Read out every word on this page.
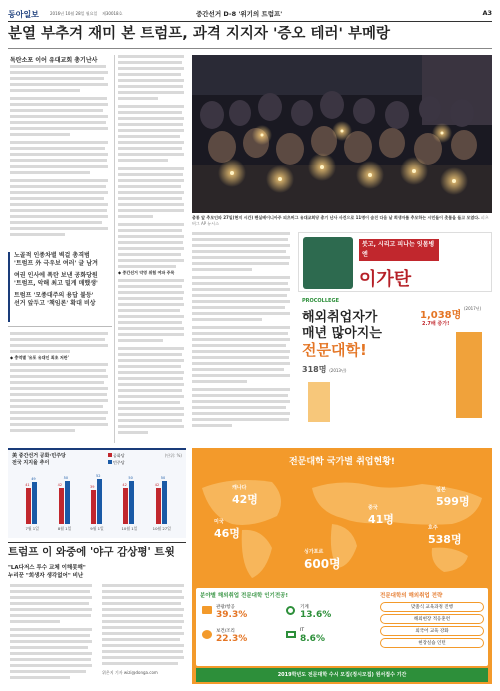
동아일보	2016년 10월 28일 월요일 제30018호	중간선거 D-8 '위기의 트럼프'	A3
분열 부추겨 재미 본 트럼프, 과격 지지자 '증오 테러' 부메랑
독탄소포 이어 유대교회 총기난사
노골적 인종차별 벽걸 총격범
'트럼프 外 극우보 여러' 글 남겨
여권 인사에 폭탄 보낸 공화당원
'트럼프, 악해 최고 밀게 매했생'
트럼프 '모종대주의 용답 불등'
선거 앞두고 '책임론' 확대 비상
◆ 충역별 '유포 유대인 최초 저란'
◆ 중간선거 악영 위험 여파 주목
총통 앞 추모인파 27일(현지 시간) 펜실베이니아주 피츠버그 유대교회당 총기 난사 사건으로 11명이 숨진 다음 날 희생자를 추모하는 시민들이 촛불을 들고 모였다. 피츠버그 AP 뉴시스
붓고, 시리고 피나는 잇몸병엔
이가탄
PROCOLLEGE
해외취업자가
매년 많아지는
전문대학!
1,038명
(2017년)
2.7배 증가!
318명 (2013년)
美 중간선거 공화·민주당
전국 지지율 추이
(단위: %)
공화당
민주당
41
49
42
50
39
52
42
50
42
50
7월 1일	8월 1일	9월 1일	10월 1일	10월 27일
트럼프 이 와중에 '야구 감상평' 트윗
"LA다저스 투수 교체 이해못해"
누리꾼 "희생자 생각없어" 비난
위은지 기자 wizi@donga.com
전문대학 국가별 취업현황!
캐나다
42명
미국
46명
싱가포르
600명
중국
41명
일본
599명
호주
538명
분야별 해외취업 전문대학 인기전공!	전문대학의 해외취업 전략
관광/항공
39.3%
기계
13.6%
보건/조리
22.3%
IT
8.6%
맞춤식 교육과정 진행
해외현장 적응훈련
외국어 교육 강화
현장실습 인턴
2019학년도 전문대학 수시 모집(정시모집) 원서접수 기간
